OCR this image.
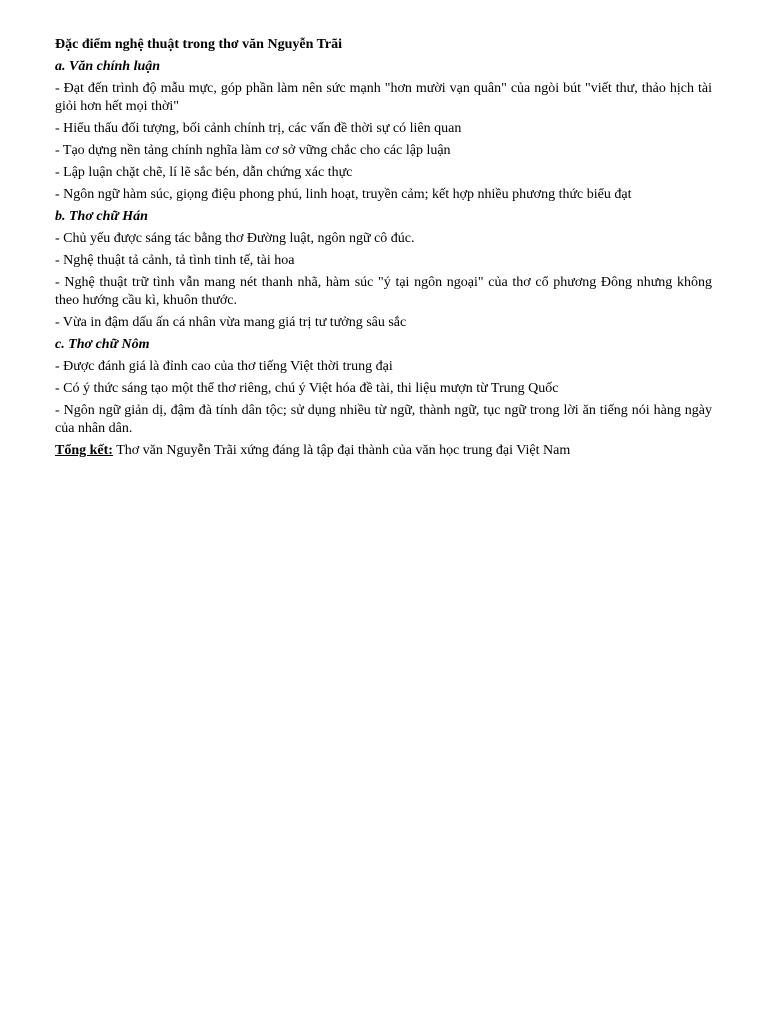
Đặc điểm nghệ thuật trong thơ văn Nguyễn Trãi

a. Văn chính luận

- Đạt đến trình độ mẫu mực, góp phần làm nên sức mạnh "hơn mười vạn quân" của ngòi bút "viết thư, thảo hịch tài giỏi hơn hết mọi thời"

- Hiểu thấu đối tượng, bối cảnh chính trị, các vấn đề thời sự có liên quan

- Tạo dựng nền tảng chính nghĩa làm cơ sở vững chắc cho các lập luận

- Lập luận chặt chẽ, lí lẽ sắc bén, dẫn chứng xác thực

- Ngôn ngữ hàm súc, giọng điệu phong phú, linh hoạt, truyền cảm; kết hợp nhiều phương thức biểu đạt

b. Thơ chữ Hán

- Chủ yếu được sáng tác bằng thơ Đường luật, ngôn ngữ cô đúc.

- Nghệ thuật tả cảnh, tả tình tinh tế, tài hoa

- Nghệ thuật trữ tình vẫn mang nét thanh nhã, hàm súc "ý tại ngôn ngoại" của thơ cổ phương Đông nhưng không theo hướng cầu kì, khuôn thước.

- Vừa in đậm dấu ấn cá nhân vừa mang giá trị tư tưởng sâu sắc

c. Thơ chữ Nôm

- Được đánh giá là đỉnh cao của thơ tiếng Việt thời trung đại

- Có ý thức sáng tạo một thể thơ riêng, chú ý Việt hóa đề tài, thi liệu mượn từ Trung Quốc

- Ngôn ngữ giản dị, đậm đà tính dân tộc; sử dụng nhiều từ ngữ, thành ngữ, tục ngữ trong lời ăn tiếng nói hàng ngày của nhân dân.

Tổng kết: Thơ văn Nguyễn Trãi xứng đáng là tập đại thành của văn học trung đại Việt Nam
